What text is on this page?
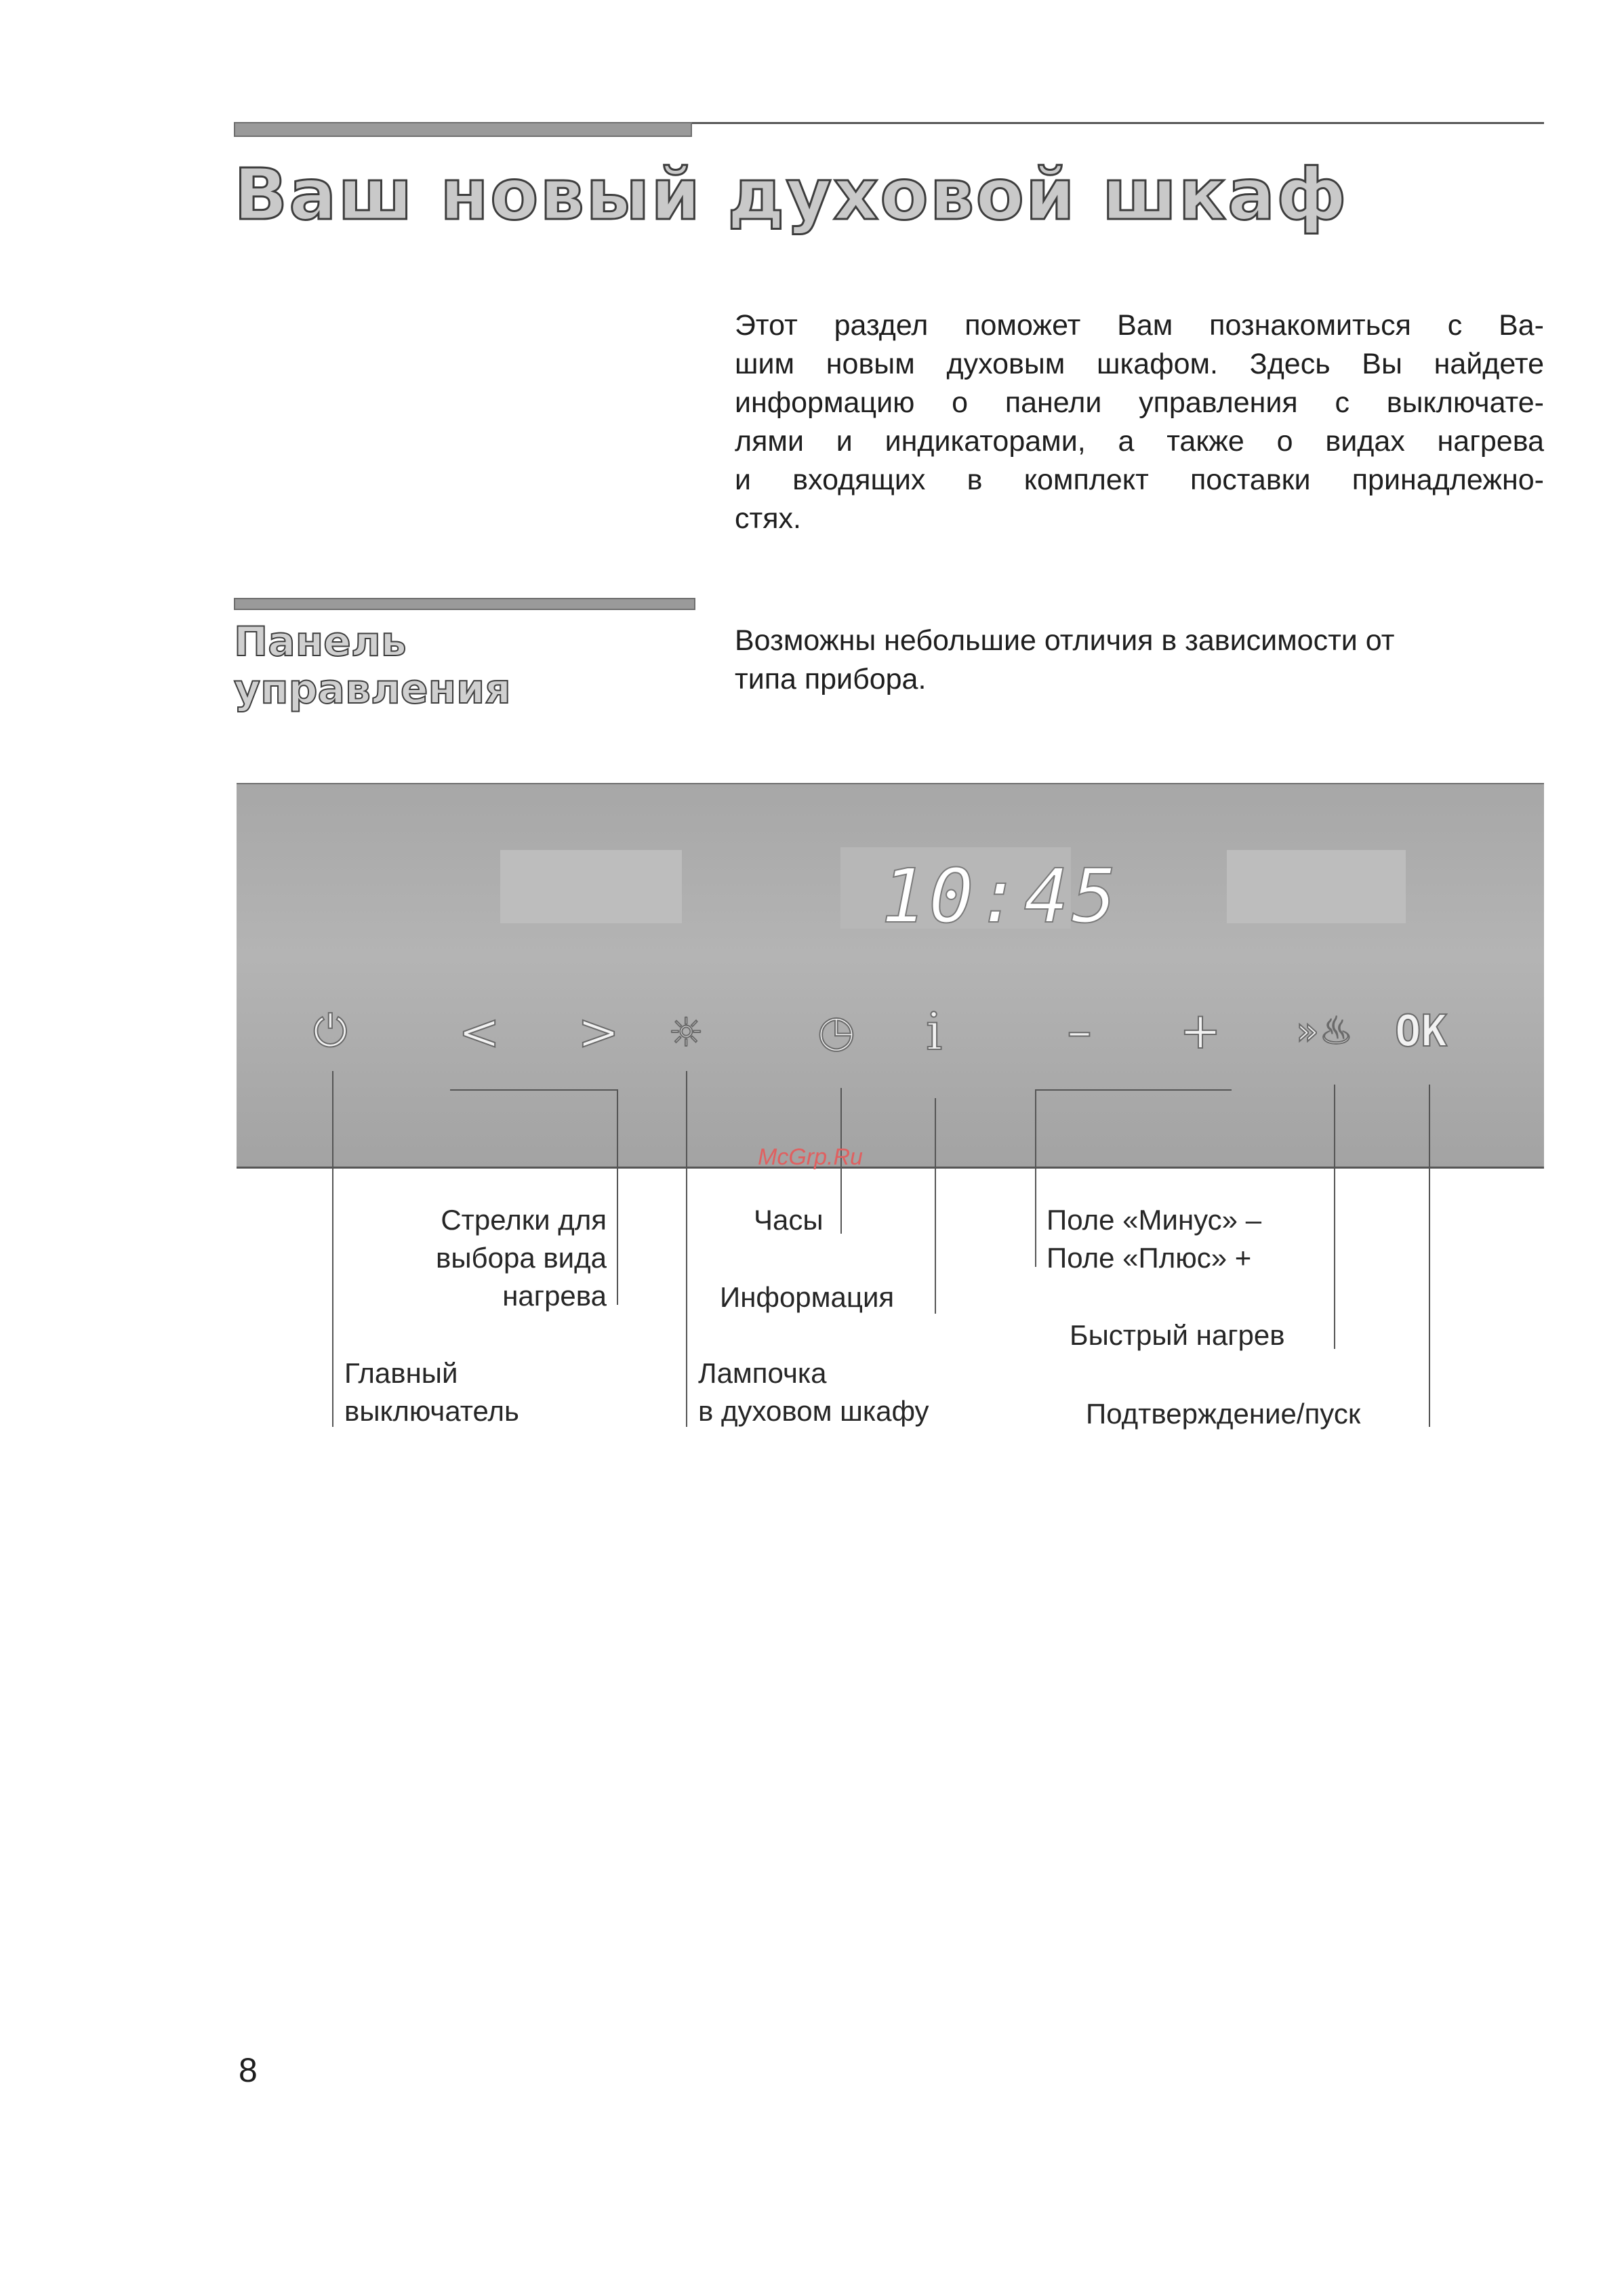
Ваш новый духовой шкаф
Этот раздел поможет Вам познакомиться с Ва-
шим новым духовым шкафом. Здесь Вы найдете
информацию о панели управления с выключате-
лями и индикаторами, а также о видах нагрева
и входящих в комплект поставки принадлежно-
стях.
Панель
управления
Возможны небольшие отличия в зависимости от
типа прибора.
10:45
⏻ < > ☼	◷ i – + »♨ OK
Стрелки для
выбора вида
нагрева
Главный
выключатель
Часы
Информация
Лампочка
в духовом шкафу
Поле «Минус» –
Поле «Плюс» +
Быстрый нагрев
Подтверждение/пуск
McGrp.Ru
8
